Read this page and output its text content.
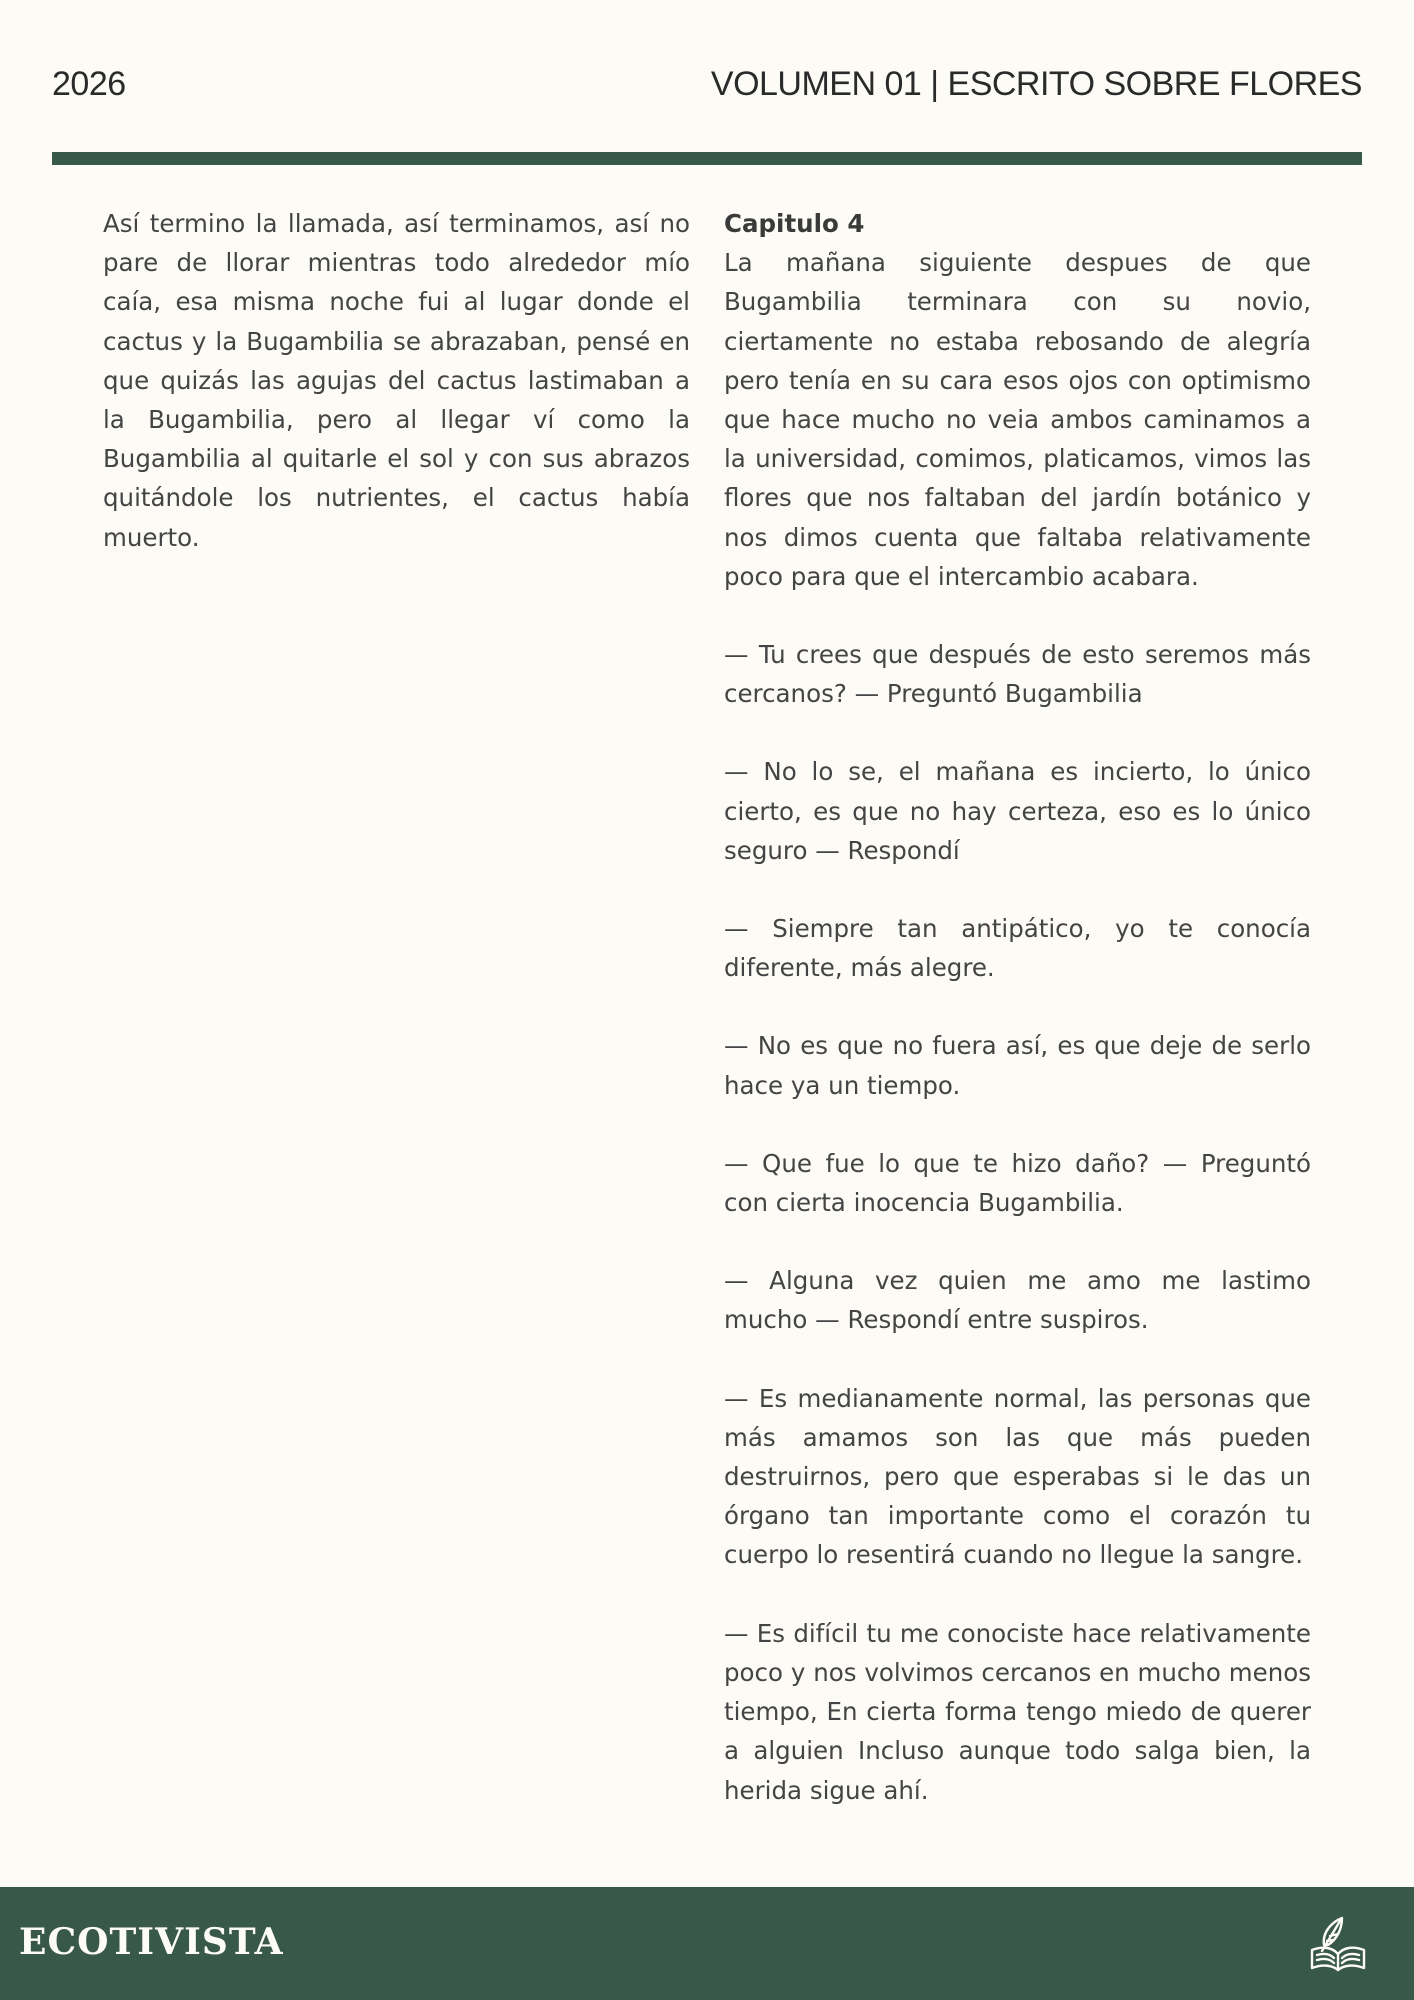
2026	VOLUMEN 01 | ESCRITO SOBRE FLORES

Así termino la llamada, así terminamos, así no pare de llorar mientras todo alrededor mío caía, esa misma noche fui al lugar donde el cactus y la Bugambilia se abrazaban, pensé en que quizás las agujas del cactus lastimaban a la Bugambilia, pero al llegar ví como la Bugambilia al quitarle el sol y con sus abrazos quitándole los nutrientes, el cactus había muerto.

Capitulo 4

La mañana siguiente despues de que Bugambilia terminara con su novio, ciertamente no estaba rebosando de alegría pero tenía en su cara esos ojos con optimismo que hace mucho no veia ambos caminamos a la universidad, comimos, platicamos, vimos las flores que nos faltaban del jardín botánico y nos dimos cuenta que faltaba relativamente poco para que el intercambio acabara.

— Tu crees que después de esto seremos más cercanos? — Preguntó Bugambilia

— No lo se, el mañana es incierto, lo único cierto, es que no hay certeza, eso es lo único seguro — Respondí

— Siempre tan antipático, yo te conocía diferente, más alegre.

— No es que no fuera así, es que deje de serlo hace ya un tiempo.

— Que fue lo que te hizo daño? — Preguntó con cierta inocencia Bugambilia.

— Alguna vez quien me amo me lastimo mucho — Respondí entre suspiros.

— Es medianamente normal, las personas que más amamos son las que más pueden destruirnos, pero que esperabas si le das un órgano tan importante como el corazón tu cuerpo lo resentirá cuando no llegue la sangre.

— Es difícil tu me conociste hace relativamente poco y nos volvimos cercanos en mucho menos tiempo, En cierta forma tengo miedo de querer a alguien Incluso aunque todo salga bien, la herida sigue ahí.

ECOTIVISTA
